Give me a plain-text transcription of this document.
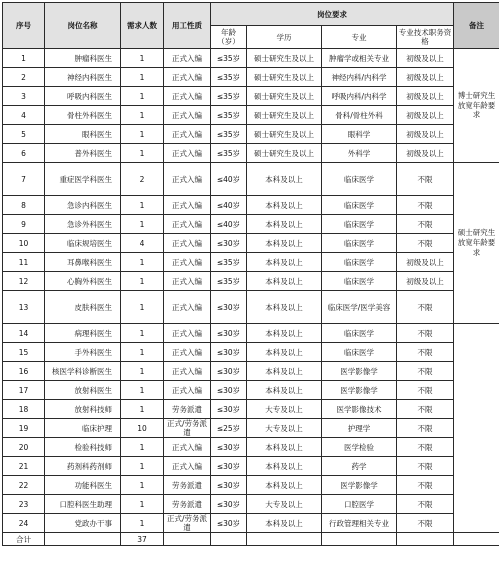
序号	岗位名称	需求人数	用工性质	岗位要求				备注
				年龄（岁）	学历	专业	专业技术职务资格	
1	肿瘤科医生	1	正式入编	≤35岁	硕士研究生及以上	肿瘤学或相关专业	初级及以上	博士研究生放宽年龄要求
2	神经内科医生	1	正式入编	≤35岁	硕士研究生及以上	神经内科/内科学	初级及以上	
3	呼吸内科医生	1	正式入编	≤35岁	硕士研究生及以上	呼吸内科/内科学	初级及以上	
4	骨柱外科医生	1	正式入编	≤35岁	硕士研究生及以上	骨科/骨柱外科	初级及以上	
5	眼科医生	1	正式入编	≤35岁	硕士研究生及以上	眼科学	初级及以上	
6	普外科医生	1	正式入编	≤35岁	硕士研究生及以上	外科学	初级及以上	
7	重症医学科医生	2	正式入编	≤40岁	本科及以上	临床医学	不限	硕士研究生放宽年龄要求
8	急诊内科医生	1	正式入编	≤40岁	本科及以上	临床医学	不限	
9	急诊外科医生	1	正式入编	≤40岁	本科及以上	临床医学	不限	
10	临床规培医生	4	正式入编	≤30岁	本科及以上	临床医学	不限	
11	耳鼻喉科医生	1	正式入编	≤35岁	本科及以上	临床医学	初级及以上	
12	心胸外科医生	1	正式入编	≤35岁	本科及以上	临床医学	初级及以上	
13	皮肤科医生	1	正式入编	≤30岁	本科及以上	临床医学/医学美容	不限	
14	病理科医生	1	正式入编	≤30岁	本科及以上	临床医学	不限	
15	手外科医生	1	正式入编	≤30岁	本科及以上	临床医学	不限	
16	核医学科诊断医生	1	正式入编	≤30岁	本科及以上	医学影像学	不限	
17	放射科医生	1	正式入编	≤30岁	本科及以上	医学影像学	不限	
18	放射科技师	1	劳务派遣	≤30岁	大专及以上	医学影像技术	不限	
19	临床护理	10	正式/劳务派遣	≤25岁	大专及以上	护理学	不限	
20	检验科技师	1	正式入编	≤30岁	本科及以上	医学检验	不限	
21	药剂科药剂师	1	正式入编	≤30岁	本科及以上	药学	不限	
22	功能科医生	1	劳务派遣	≤30岁	本科及以上	医学影像学	不限	
23	口腔科医生助理	1	劳务派遣	≤30岁	大专及以上	口腔医学	不限	
24	党政办干事	1	正式/劳务派遣	≤30岁	本科及以上	行政管理相关专业	不限	
合计		37						
